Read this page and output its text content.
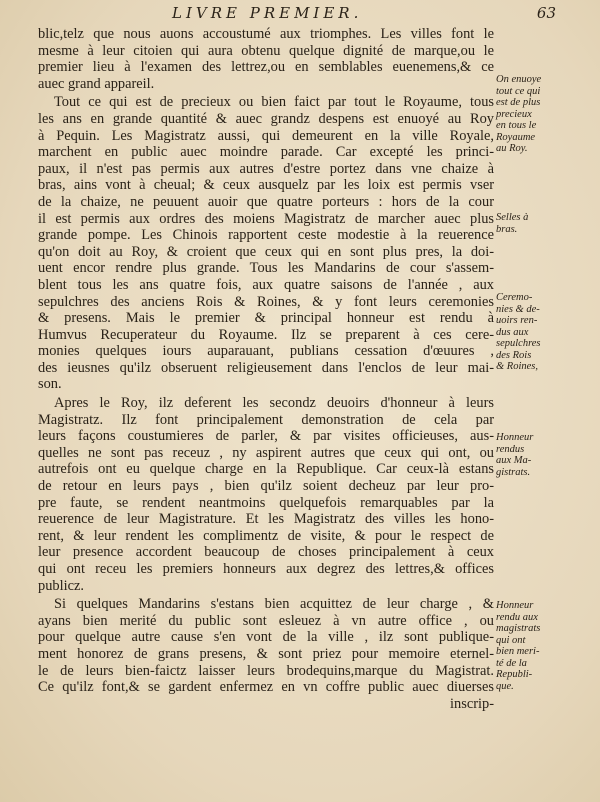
LIVRE PREMIER.	63
blic,telz que nous auons accoustumé aux triomphes. Les villes font le
mesme à leur citoien qui aura obtenu quelque dignité de marque,ou le
premier lieu à l'examen des lettrez,ou en semblables euenemens,& ce
auec grand appareil.
Tout ce qui est de precieux ou bien faict par tout le Royaume, tous
les ans en grande quantité & auec grandz despens est enuoyé au Roy
à Pequin. Les Magistratz aussi, qui demeurent en la ville Royale,
marchent en public auec moindre parade. Car excepté les princi-
paux, il n'est pas permis aux autres d'estre portez dans vne chaize à
bras, ains vont à cheual; & ceux ausquelz par les loix est permis vser
de la chaize, ne peuuent auoir que quatre porteurs : hors de la cour
il est permis aux ordres des moiens Magistratz de marcher auec plus
grande pompe. Les Chinois rapportent ceste modestie à la reuerence
qu'on doit au Roy, & croient que ceux qui en sont plus pres, la doi-
uent encor rendre plus grande. Tous les Mandarins de cour s'assem-
blent tous les ans quatre fois, aux quatre saisons de l'année , aux
sepulchres des anciens Rois & Roines, & y font leurs ceremonies
& presens. Mais le premier & principal honneur est rendu à
Humvus Recuperateur du Royaume. Ilz se preparent à ces cere-
monies quelques iours auparauant, publians cessation d'œuures ,
des ieusnes qu'ilz obseruent religieusement dans l'enclos de leur mai-
son.
Apres le Roy, ilz deferent les secondz deuoirs d'honneur à leurs
Magistratz. Ilz font principalement demonstration de cela par
leurs façons coustumieres de parler, & par visites officieuses, aus-
quelles ne sont pas receuz , ny aspirent autres que ceux qui ont, ou
autrefois ont eu quelque charge en la Republique. Car ceux-là estans
de retour en leurs pays , bien qu'ilz soient decheuz par leur pro-
pre faute, se rendent neantmoins quelquefois remarquables par la
reuerence de leur Magistrature. Et les Magistratz des villes les hono-
rent, & leur rendent les complimentz de visite, & pour le respect de
leur presence accordent beaucoup de choses principalement à ceux
qui ont receu les premiers honneurs aux degrez des lettres,& offices
publicz.
Si quelques Mandarins s'estans bien acquittez de leur charge , &
ayans bien merité du public sont esleuez à vn autre office , ou
pour quelque autre cause s'en vont de la ville , ilz sont publique-
ment honorez de grans presens, & sont priez pour memoire eternel-
le de leurs bien-faictz laisser leurs brodequins,marque du Magistrat.
Ce qu'ilz font,& se gardent enfermez en vn coffre public auec diuerses
inscrip-
On enuoye
tout ce qui
est de plus
precieux
en tous le
Royaume
au Roy.
Selles à
bras.
Ceremo-
nies & de-
uoirs ren-
dus aux
sepulchres
des Rois
& Roines,
Honneur
rendus
aux Ma-
gistrats.
Honneur
rendu aux
magistrats
qui ont
bien meri-
té de la
Republi-
que.
